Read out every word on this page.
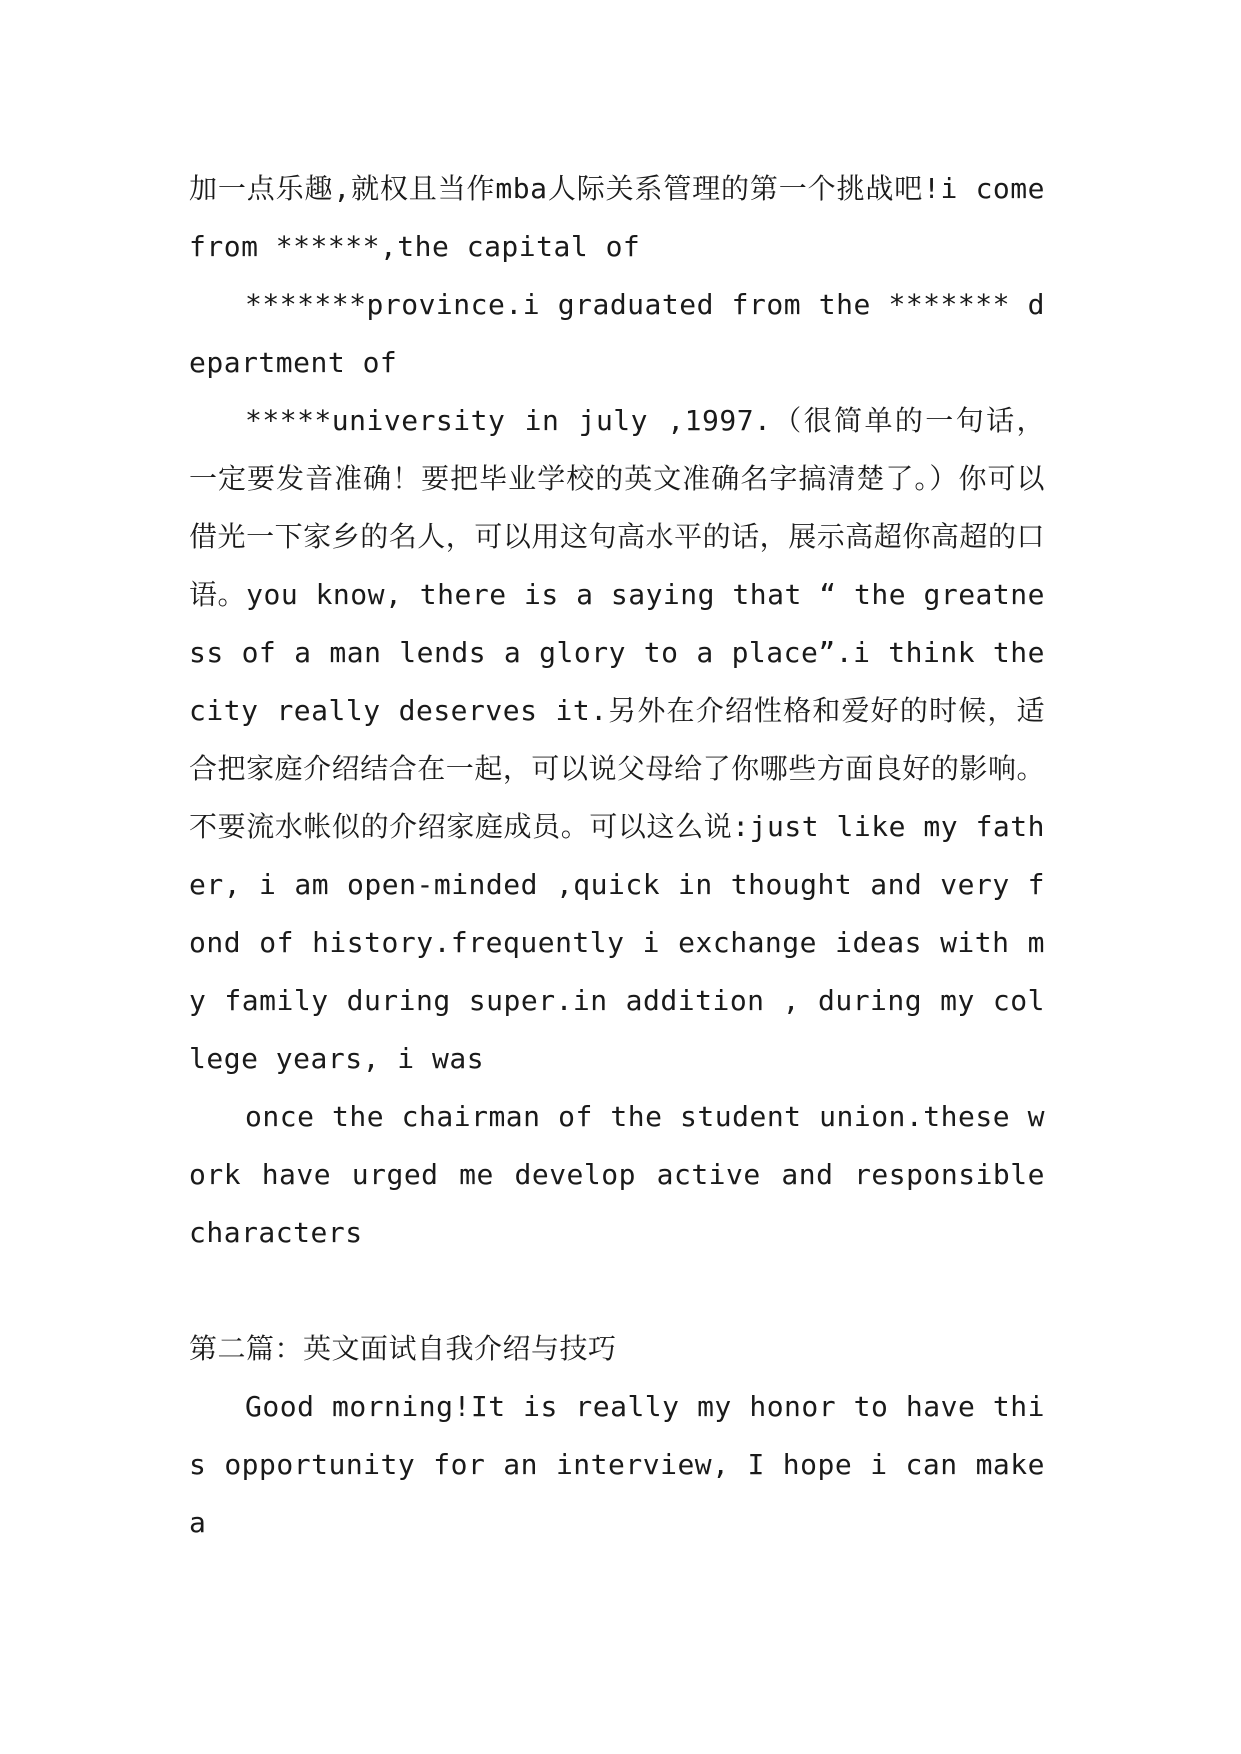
加一点乐趣,就权且当作mba人际关系管理的第一个挑战吧!i come from ******,the capital of

*******province.i graduated from the ******* department of

*****university in july ,1997.（很简单的一句话，一定要发音准确！要把毕业学校的英文准确名字搞清楚了。）你可以借光一下家乡的名人，可以用这句高水平的话，展示高超你高超的口语。you know, there is a saying that “ the greatness of a man lends a glory to a place”.i think the city really deserves it.另外在介绍性格和爱好的时候，适合把家庭介绍结合在一起，可以说父母给了你哪些方面良好的影响。不要流水帐似的介绍家庭成员。可以这么说:just like my father, i am open-minded ,quick in thought and very fond of history.frequently i exchange ideas with my family during super.in addition , during my college years, i was

once the chairman of the student union.these work have urged me develop active and responsible characters

第二篇：英文面试自我介绍与技巧

Good morning!It is really my honor to have this opportunity for an interview, I hope i can make a
